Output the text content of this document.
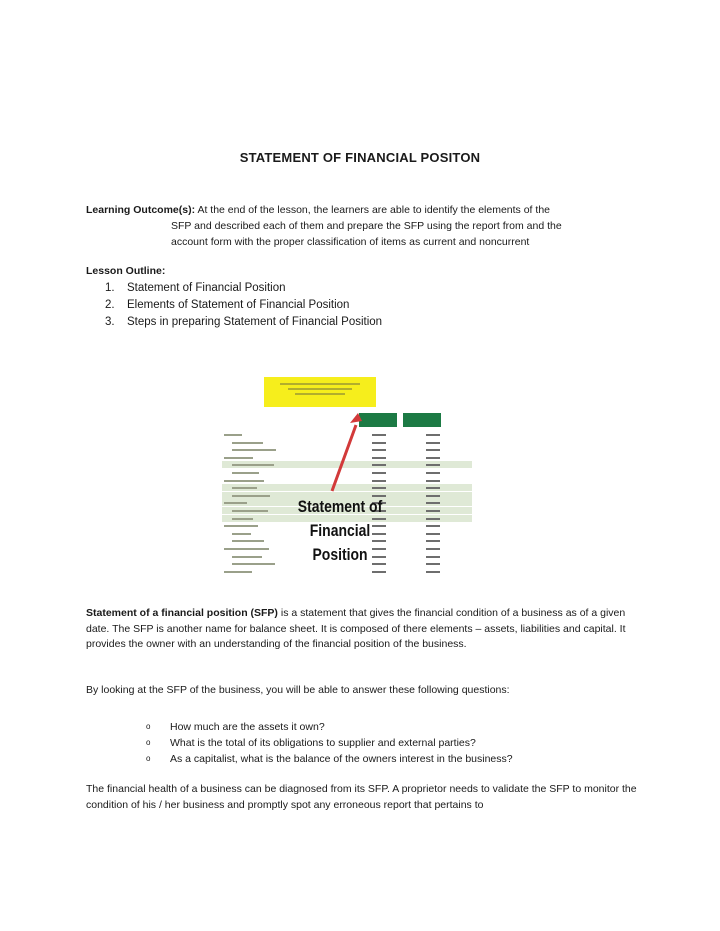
STATEMENT OF FINANCIAL POSITON
Learning Outcome(s): At the end of the lesson, the learners are able to identify the elements of the
SFP and described each of them and prepare the SFP using the report from and the
account form with the proper classification of items as current and noncurrent
Lesson Outline:
1.	Statement of Financial Position
2.	Elements of Statement of Financial Position
3.	Steps in preparing Statement of Financial Position
Statement of Financial
Position
Statement of a financial position (SFP) is a statement that gives the financial condition of a business as of a given date. The SFP is another name for balance sheet. It is composed of there elements – assets, liabilities and capital. It provides the owner with an understanding of the financial position of the business.
By looking at the SFP of the business, you will be able to answer these following questions:
o	How much are the assets it own?
o	What is the total of its obligations to supplier and external parties?
o	As a capitalist, what is the balance of the owners interest in the business?
The financial health of a business can be diagnosed from its SFP. A proprietor needs to validate the SFP to monitor the condition of his / her business and promptly spot any erroneous report that pertains to
